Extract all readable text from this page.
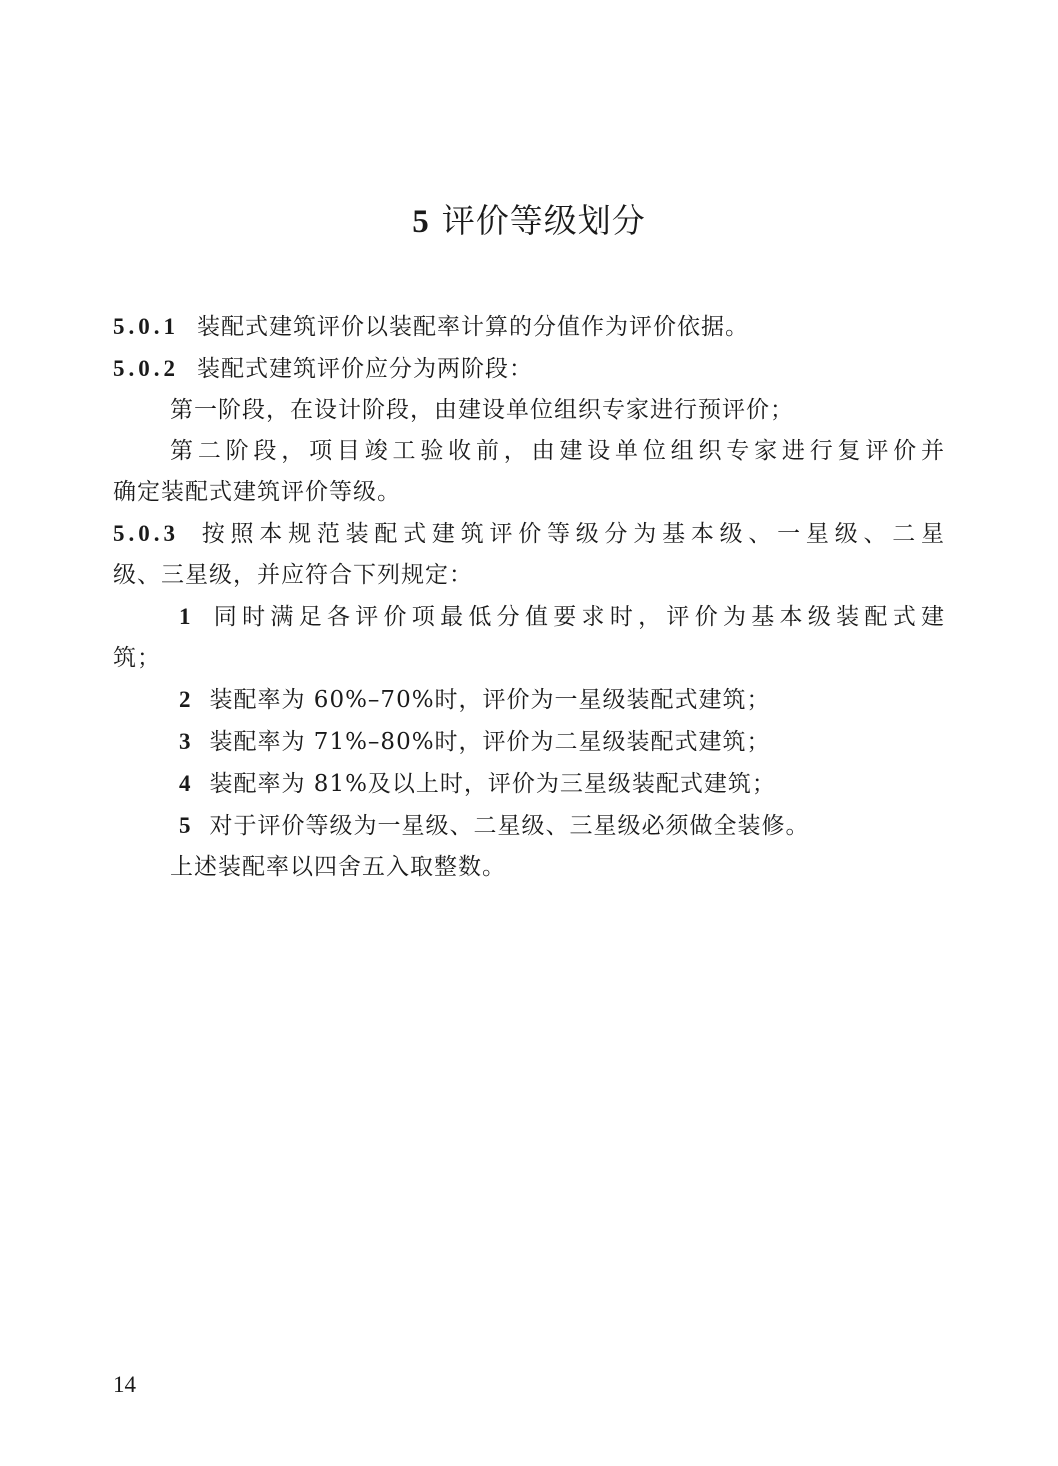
5 评价等级划分

5.0.1 装配式建筑评价以装配率计算的分值作为评价依据。

5.0.2 装配式建筑评价应分为两阶段：

第一阶段，在设计阶段，由建设单位组织专家进行预评价；

第二阶段，项目竣工验收前，由建设单位组织专家进行复评价并

确定装配式建筑评价等级。

5.0.3 按照本规范装配式建筑评价等级分为基本级、一星级、二星

级、三星级，并应符合下列规定：

1 同时满足各评价项最低分值要求时，评价为基本级装配式建

筑；

2 装配率为 60%–70%时，评价为一星级装配式建筑；

3 装配率为 71%–80%时，评价为二星级装配式建筑；

4 装配率为 81%及以上时，评价为三星级装配式建筑；

5 对于评价等级为一星级、二星级、三星级必须做全装修。

上述装配率以四舍五入取整数。

14
